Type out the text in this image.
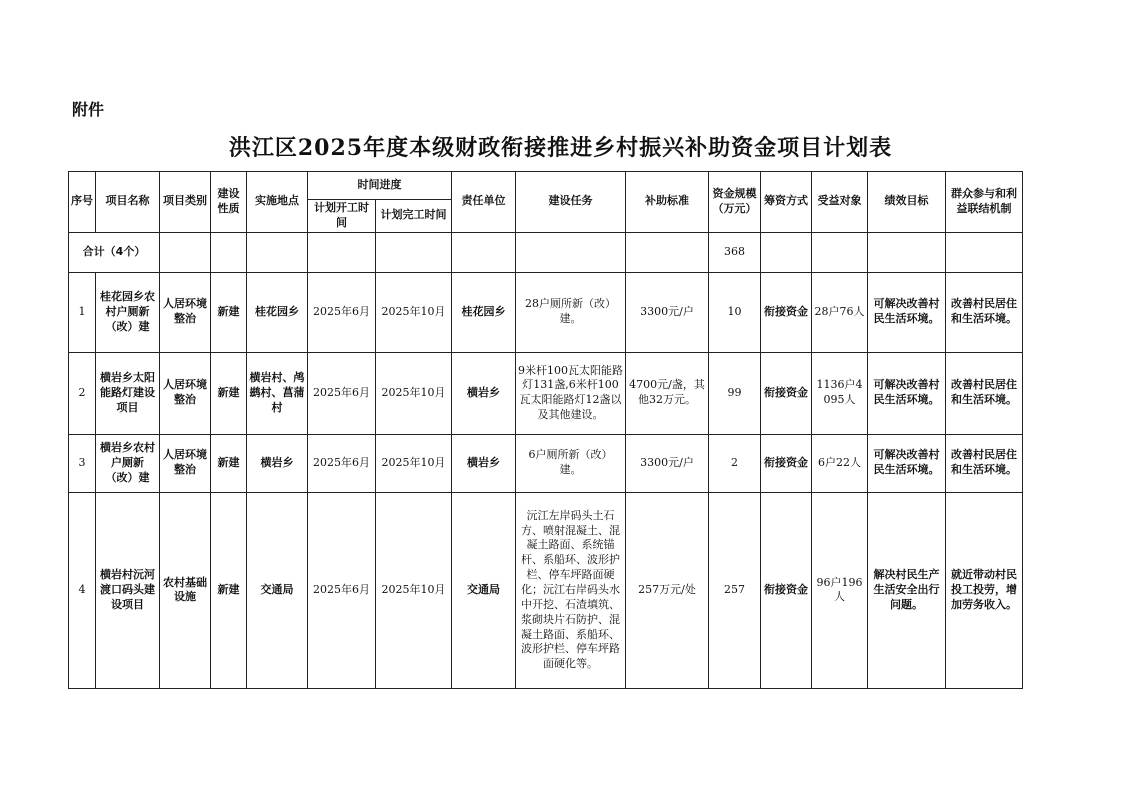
附件
洪江区2025年度本级财政衔接推进乡村振兴补助资金项目计划表
序号	项目名称	项目类别	建设性质	实施地点	时间进度		责任单位	建设任务	补助标准	资金规模（万元）	筹资方式	受益对象	绩效目标	群众参与和利益联结机制
					计划开工时间	计划完工时间								
合计（4个）										368				
1	桂花园乡农村户厕新（改）建	人居环境整治	新建	桂花园乡	2025年6月	2025年10月	桂花园乡	28户厕所新（改）建。	3300元/户	10	衔接资金	28户76人	可解决改善村民生活环境。	改善村民居住和生活环境。
2	横岩乡太阳能路灯建设项目	人居环境整治	新建	横岩村、鸬鹚村、菖蒲村	2025年6月	2025年10月	横岩乡	9米杆100瓦太阳能路灯131盏,6米杆100瓦太阳能路灯12盏以及其他建设。	4700元/盏，其他32万元。	99	衔接资金	1136户4095人	可解决改善村民生活环境。	改善村民居住和生活环境。
3	横岩乡农村户厕新（改）建	人居环境整治	新建	横岩乡	2025年6月	2025年10月	横岩乡	6户厕所新（改）建。	3300元/户	2	衔接资金	6户22人	可解决改善村民生活环境。	改善村民居住和生活环境。
4	横岩村沅河渡口码头建设项目	农村基础设施	新建	交通局	2025年6月	2025年10月	交通局	沅江左岸码头土石方、喷射混凝土、混凝土路面、系统锚杆、系船环、波形护栏、停车坪路面硬化；沅江右岸码头水中开挖、石渣填筑、浆砌块片石防护、混凝土路面、系船环、波形护栏、停车坪路面硬化等。	257万元/处	257	衔接资金	96户196人	解决村民生产生活安全出行问题。	就近带动村民投工投劳，增加劳务收入。
